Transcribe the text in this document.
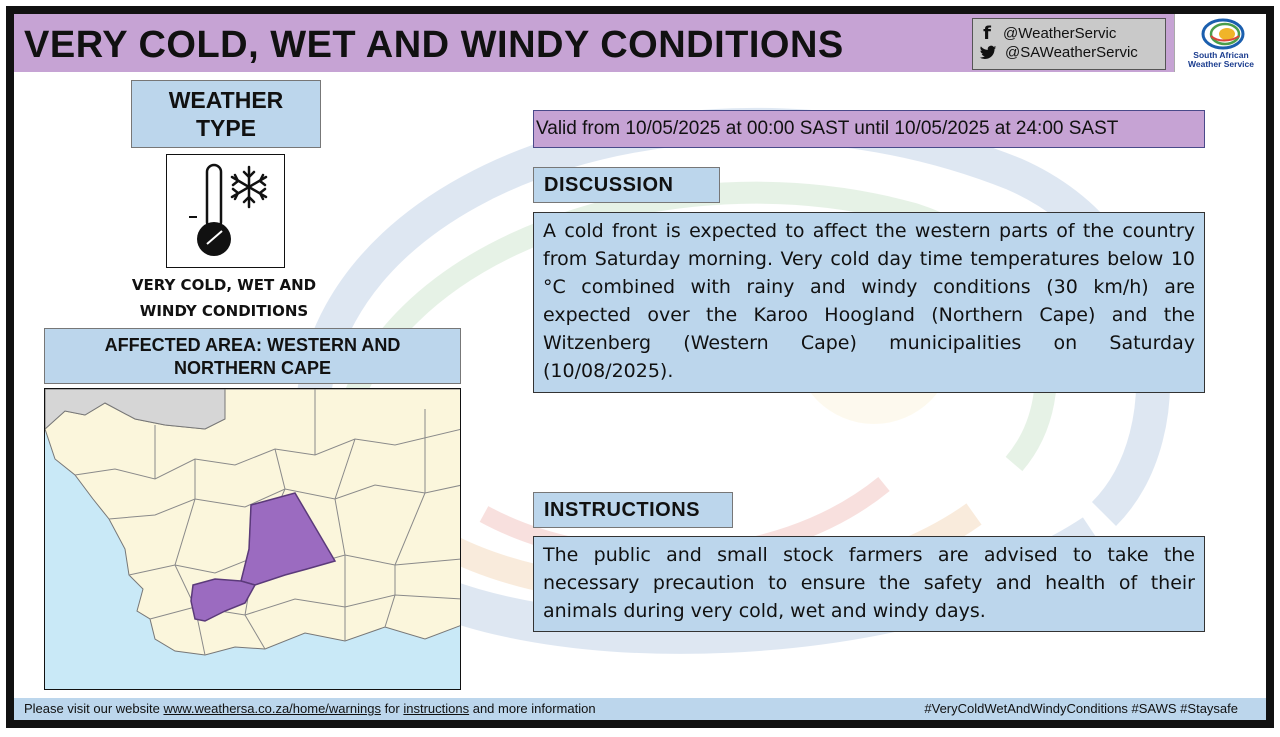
VERY COLD, WET AND WINDY CONDITIONS	f @WeatherServic
@SAWeatherServic	South African
Weather Service
WEATHER
TYPE
VERY COLD, WET AND
WINDY CONDITIONS
AFFECTED AREA: WESTERN AND
NORTHERN CAPE
Valid from 10/05/2025 at 00:00 SAST until 10/05/2025 at 24:00 SAST
DISCUSSION
A cold front is expected to affect the western parts of the country from Saturday morning. Very cold day time temperatures below 10 °C combined with rainy and windy conditions (30 km/h) are expected over the Karoo Hoogland (Northern Cape) and the Witzenberg (Western Cape) municipalities on Saturday (10/08/2025).
INSTRUCTIONS
The public and small stock farmers are advised to take the necessary precaution to ensure the safety and health of their animals during very cold, wet and windy days.
Please visit our website www.weathersa.co.za/home/warnings for instructions and more information	#VeryColdWetAndWindyConditions #SAWS #Staysafe
